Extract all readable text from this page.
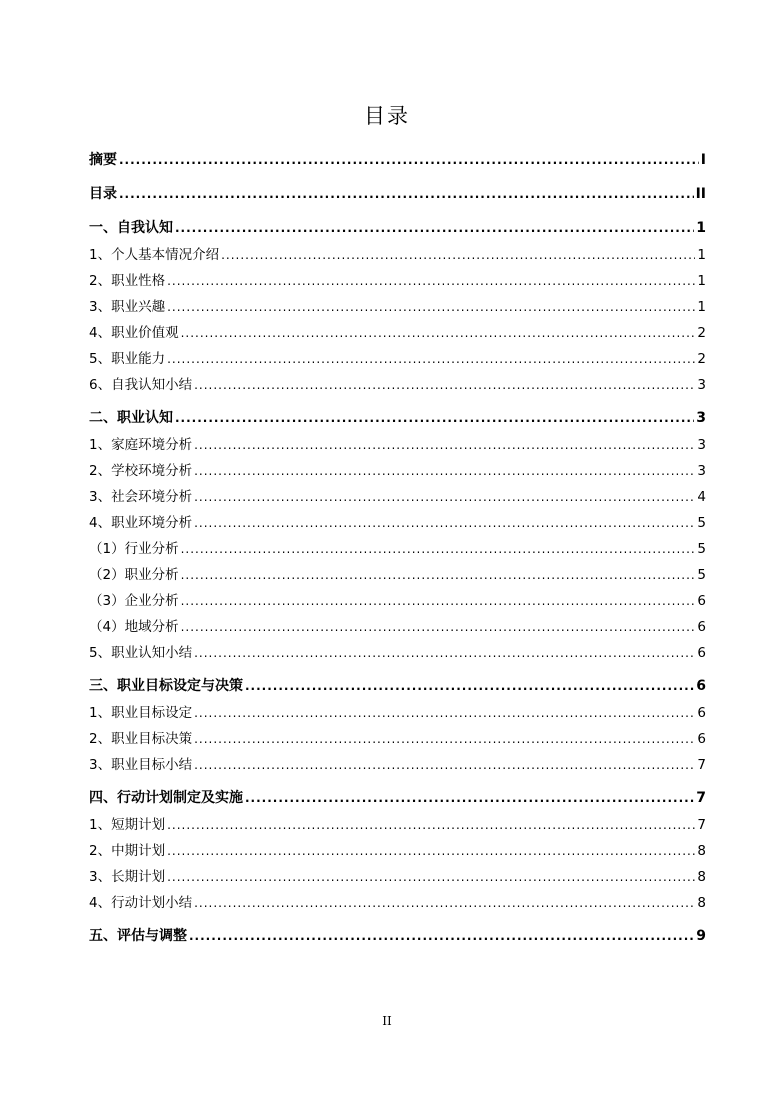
目录
摘要 .....	I
目录 .....	II
一、自我认知 .....	1
1、个人基本情况介绍 .....	1
2、职业性格 .....	1
3、职业兴趣 .....	1
4、职业价值观 .....	2
5、职业能力 .....	2
6、自我认知小结 .....	3
二、职业认知 .....	3
1、家庭环境分析 .....	3
2、学校环境分析 .....	3
3、社会环境分析 .....	4
4、职业环境分析 .....	5
（1）行业分析 .....	5
（2）职业分析 .....	5
（3）企业分析 .....	6
（4）地域分析 .....	6
5、职业认知小结 .....	6
三、职业目标设定与决策 .....	6
1、职业目标设定 .....	6
2、职业目标决策 .....	6
3、职业目标小结 .....	7
四、行动计划制定及实施 .....	7
1、短期计划 .....	7
2、中期计划 .....	8
3、长期计划 .....	8
4、行动计划小结 .....	8
五、评估与调整 .....	9
II
